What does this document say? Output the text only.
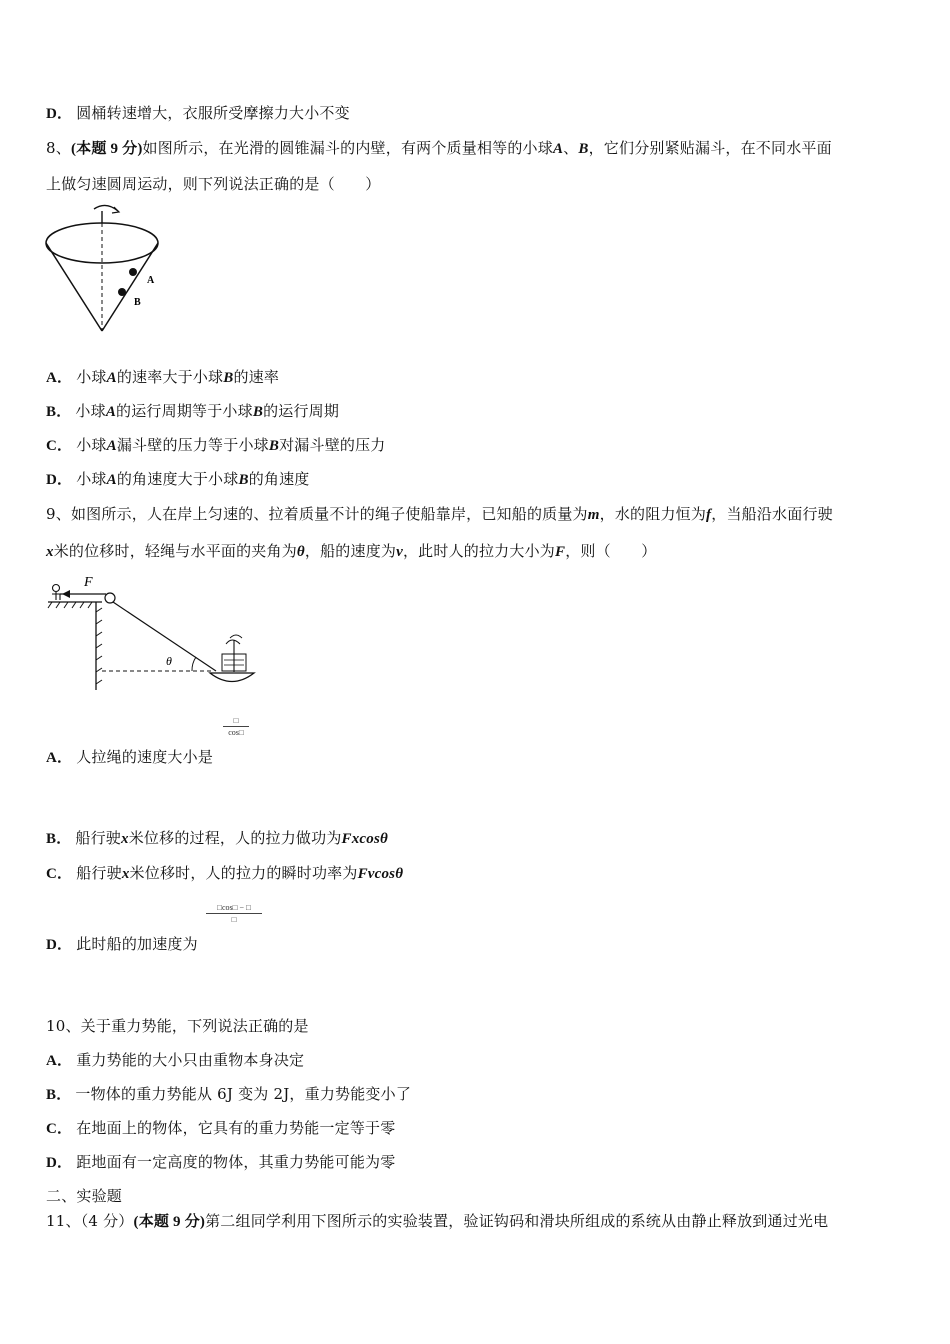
D． 圆桶转速增大，衣服所受摩擦力大小不变
8、(本题 9 分)如图所示，在光滑的圆锥漏斗的内壁，有两个质量相等的小球A、B，它们分别紧贴漏斗，在不同水平面
上做匀速圆周运动，则下列说法正确的是（　　）
A
B
A． 小球A的速率大于小球B的速率
B． 小球A的运行周期等于小球B的运行周期
C． 小球A漏斗壁的压力等于小球B对漏斗壁的压力
D． 小球A的角速度大于小球B的角速度
9、如图所示，人在岸上匀速的、拉着质量不计的绳子使船靠岸，已知船的质量为m，水的阻力恒为f，当船沿水面行驶
x米的位移时，轻绳与水平面的夹角为θ，船的速度为v，此时人的拉力大小为F，则（　　）
F
θ
□
cos□
A． 人拉绳的速度大小是
B． 船行驶x米位移的过程，人的拉力做功为Fxcosθ
C． 船行驶x米位移时，人的拉力的瞬时功率为Fvcosθ
□cos□ − □
□
D． 此时船的加速度为
10、关于重力势能，下列说法正确的是
A． 重力势能的大小只由重物本身决定
B． 一物体的重力势能从 6J 变为 2J，重力势能变小了
C． 在地面上的物体，它具有的重力势能一定等于零
D． 距地面有一定高度的物体，其重力势能可能为零
二、实验题
11、（4 分）(本题 9 分)第二组同学利用下图所示的实验装置，验证钩码和滑块所组成的系统从由静止释放到通过光电
